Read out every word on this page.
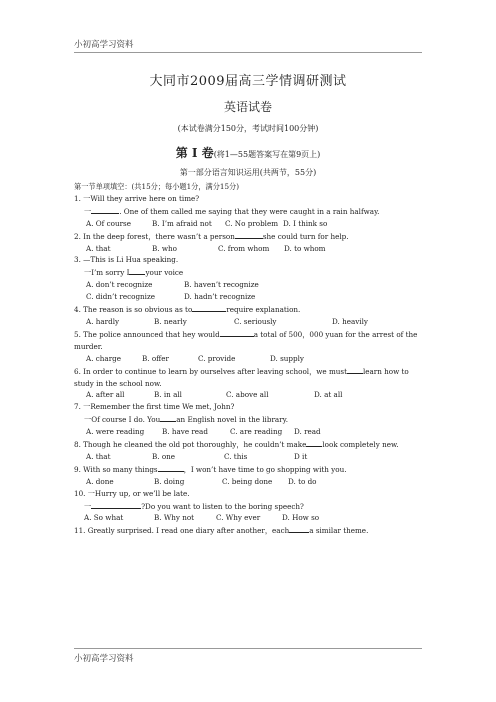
小初高学习资料
大同市2009届高三学情调研测试
英语试卷
(本试卷满分150分，考试时间100分钟)
第 Ⅰ 卷(将1—55题答案写在第9页上)
第一部分语言知识运用(共两节，55分)
第一节单项填空：(共15分；每小题1分，满分15分)
1. 一Will they arrive here on time?
一	. One of them called me saying that they were caught in a rain halfway.
A. Of course	B. I’m afraid not C. No problem D. I think so
2. In the deep forest，there wasn’t a person	she could turn for help.
A. that	B. who	C. from whom D. to whom
3. —This is Li Hua speaking.
一I’m sorry I your voice
A. don’t recognize	B. haven’t recognize
C. didn’t recognize	D. hadn’t recognize
4. The reason is so obvious as to	require explanation.
A. hardly	B. nearly	C. seriously	D. heavily
5. The police announced that hey would	a total of 500，000 yuan for the arrest of the murder.
A. charge	B. offer	C. provide	D. supply
6. In order to continue to learn by ourselves after leaving school，we must learn how to study in the school now.
A. after all	B. in all	C. above all	D. at all
7. 一Remember the first time We met, John?
一Of course I do. You an English novel in the library.
A. were reading B. have read	C. are reading D. read
8. Though he cleaned the old pot thoroughly，he couldn’t make look completely new.
A. that	B. one	C. this	D it
9. With so many things	，I won’t have time to go shopping with you.
A. done	B. doing	C. being done D. to do
10. 一Hurry up, or we’ll be late.
一	?Do you want to listen to the boring speech?
A. So what	B. Why not	C. Why ever	D. How so
11. Greatly surprised. I read one diary after another，each	a similar theme.
小初高学习资料
